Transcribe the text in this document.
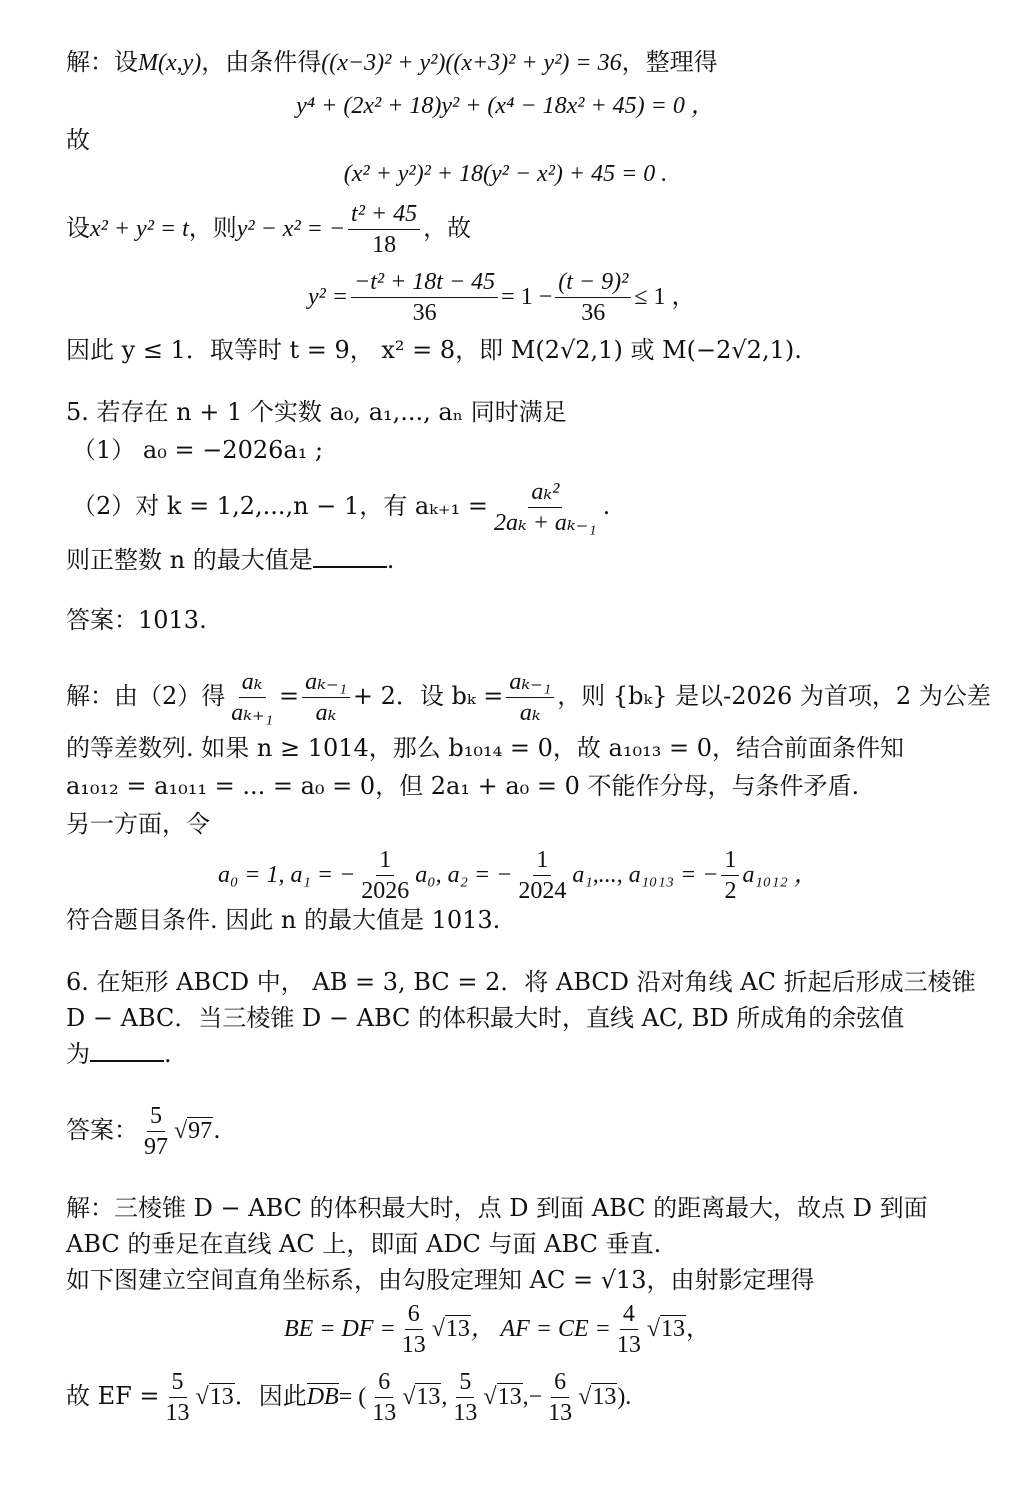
解：设M(x,y)，由条件得((x−3)² + y²)((x+3)² + y²) = 36，整理得
y⁴ + (2x² + 18)y² + (x⁴ − 18x² + 45) = 0 ，
故
(x² + y²)² + 18(y² − x²) + 45 = 0 .
设x² + y² = t，则y² − x² = − $\frac{\text{t² + 45}}{18}$ ，故
$y^2 = \frac{\text{−t² + 18t − 45}}{36} = 1 - \frac{\text{(t − 9)²}}{36} \le 1$ ，
因此 y ≤ 1．取等时 t = 9， x² = 8，即 M(2√2,1) 或 M(−2√2,1).
5. 若存在 n + 1 个实数 a₀, a₁,..., aₙ 同时满足
（1） a₀ = −2026a₁ ;
（2）对 k = 1,2,...,n − 1，有 $a_{k+1} = \frac{\text{aₖ²}}{\text{2aₖ + aₖ₋₁}}$ .
则正整数 n 的最大值是	.
答案：1013.
解：由（2）得 $\frac{\text{aₖ}}{\text{aₖ₊₁}} = \frac{\text{aₖ₋₁}}{\text{aₖ}} + 2$．设 $b_k = \frac{\text{aₖ₋₁}}{\text{aₖ}}$ ，则 {bₖ} 是以-2026 为首项，2 为公差
的等差数列. 如果 n ≥ 1014，那么 b₁₀₁₄ = 0，故 a₁₀₁₃ = 0，结合前面条件知
a₁₀₁₂ = a₁₀₁₁ = ... = a₀ = 0，但 2a₁ + a₀ = 0 不能作分母，与条件矛盾.
另一方面，令
a₀ = 1, a₁ = − $\frac{1}{2026} a_0$, a₂ = − $\frac{1}{2024} a_1$,..., a₁₀₁₃ = − $\frac{1}{2} a_{1012}$ ，
符合题目条件. 因此 n 的最大值是 1013.
6. 在矩形 ABCD 中， AB = 3, BC = 2．将 ABCD 沿对角线 AC 折起后形成三棱锥
D − ABC．当三棱锥 D − ABC 的体积最大时，直线 AC, BD 所成角的余弦值
为	.
答案： $\frac{5}{97} √97$.
解：三棱锥 D − ABC 的体积最大时，点 D 到面 ABC 的距离最大，故点 D 到面
ABC 的垂足在直线 AC 上，即面 ADC 与面 ABC 垂直.
如下图建立空间直角坐标系，由勾股定理知 AC = √13，由射影定理得
BE = DF = $\frac{6}{13} √13$， AF = CE = $\frac{4}{13} √13$，
故 EF = $\frac{5}{13} √13$．因此DB= ( $\frac{6}{13} √13$, $\frac{5}{13} √13,- \frac{6}{13} √13$).
